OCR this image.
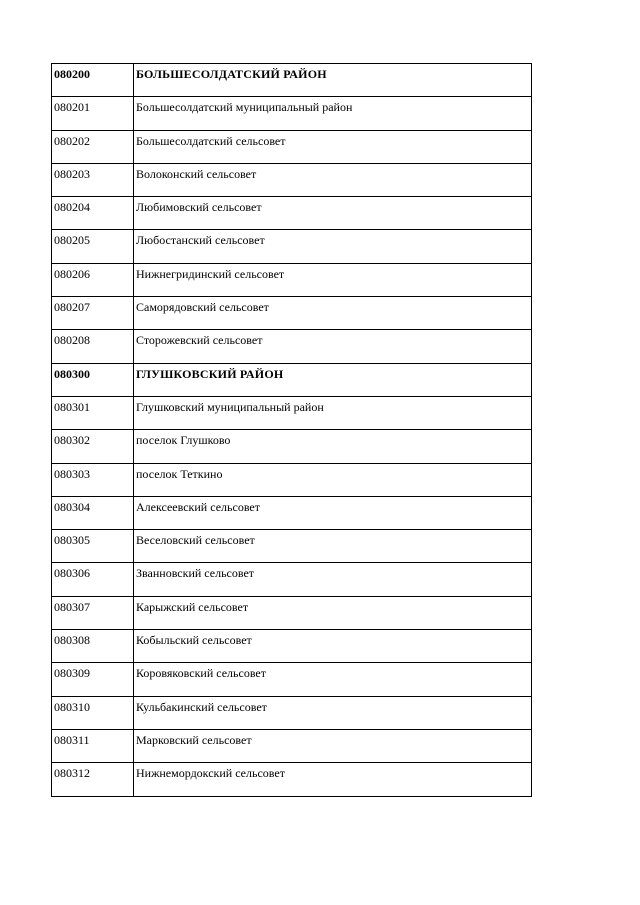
080200	БОЛЬШЕСОЛДАТСКИЙ РАЙОН

080201	Большесолдатский муниципальный район

080202	Большесолдатский сельсовет

080203	Волоконский сельсовет

080204	Любимовский сельсовет

080205	Любостанский сельсовет

080206	Нижнегридинский сельсовет

080207	Саморядовский сельсовет

080208	Сторожевский сельсовет

080300	ГЛУШКОВСКИЙ РАЙОН

080301	Глушковский муниципальный район

080302	поселок Глушково

080303	поселок Теткино

080304	Алексеевский сельсовет

080305	Веселовский сельсовет

080306	Званновский сельсовет

080307	Карыжский сельсовет

080308	Кобыльский сельсовет

080309	Коровяковский сельсовет

080310	Кульбакинский сельсовет

080311	Марковский сельсовет

080312	Нижнемордокский сельсовет
